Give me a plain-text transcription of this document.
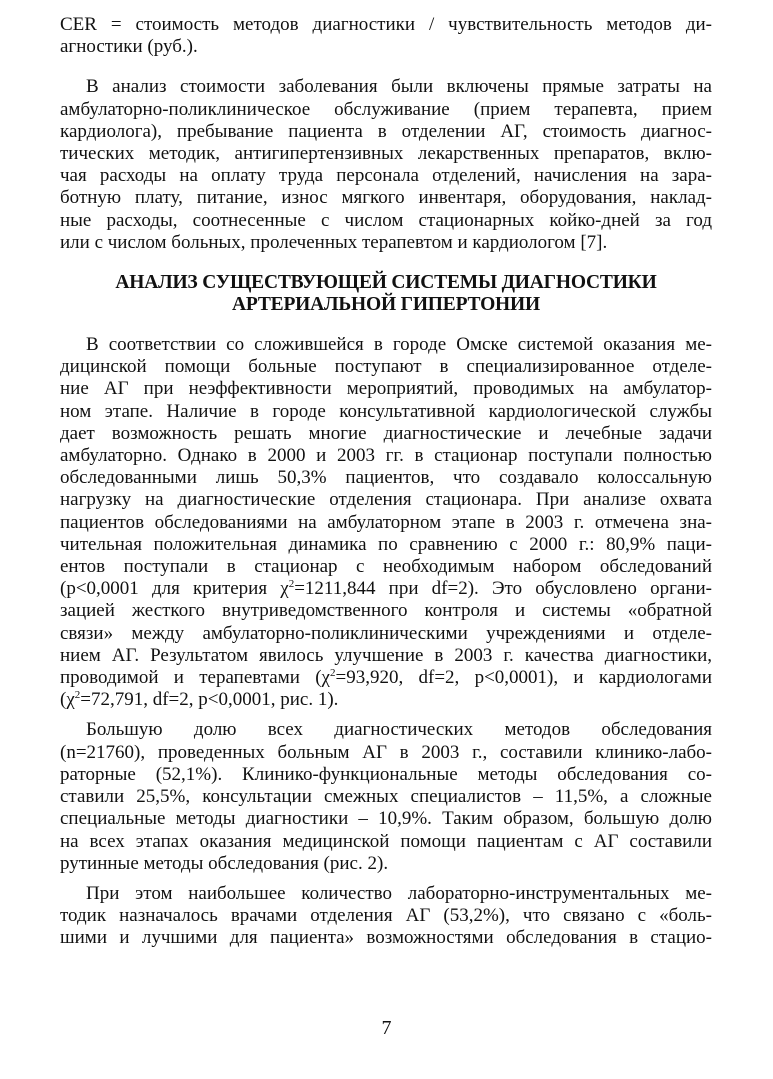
CER = стоимость методов диагностики / чувствительность методов ди-
агностики (руб.).
В анализ стоимости заболевания были включены прямые затраты на
амбулаторно-поликлиническое обслуживание (прием терапевта, прием
кардиолога), пребывание пациента в отделении АГ, стоимость диагнос-
тических методик, антигипертензивных лекарственных препаратов, вклю-
чая расходы на оплату труда персонала отделений, начисления на зара-
ботную плату, питание, износ мягкого инвентаря, оборудования, наклад-
ные расходы, соотнесенные с числом стационарных койко-дней за год
или с числом больных, пролеченных терапевтом и кардиологом [7].
АНАЛИЗ СУЩЕСТВУЮЩЕЙ СИСТЕМЫ ДИАГНОСТИКИ
АРТЕРИАЛЬНОЙ ГИПЕРТОНИИ
В соответствии со сложившейся в городе Омске системой оказания ме-
дицинской помощи больные поступают в специализированное отделе-
ние АГ при неэффективности мероприятий, проводимых на амбулатор-
ном этапе. Наличие в городе консультативной кардиологической службы
дает возможность решать многие диагностические и лечебные задачи
амбулаторно. Однако в 2000 и 2003 гг. в стационар поступали полностью
обследованными лишь 50,3% пациентов, что создавало колоссальную
нагрузку на диагностические отделения стационара. При анализе охвата
пациентов обследованиями на амбулаторном этапе в 2003 г. отмечена зна-
чительная положительная динамика по сравнению с 2000 г.: 80,9% паци-
ентов поступали в стационар с необходимым набором обследований
(p<0,0001 для критерия $\chi^2=1211,844$ при df=2). Это обусловлено органи-
зацией жесткого внутриведомственного контроля и системы «обратной
связи» между амбулаторно-поликлиническими учреждениями и отделе-
нием АГ. Результатом явилось улучшение в 2003 г. качества диагностики,
проводимой и терапевтами ($\chi^2=93,920$, df=2, p<0,0001), и кардиологами
($\chi^2=72,791$, df=2, p<0,0001, рис. 1).
Большую долю всех диагностических методов обследования
(n=21760), проведенных больным АГ в 2003 г., составили клинико-лабо-
раторные (52,1%). Клинико-функциональные методы обследования со-
ставили 25,5%, консультации смежных специалистов – 11,5%, а сложные
специальные методы диагностики – 10,9%. Таким образом, большую долю
на всех этапах оказания медицинской помощи пациентам с АГ составили
рутинные методы обследования (рис. 2).
При этом наибольшее количество лабораторно-инструментальных ме-
тодик назначалось врачами отделения АГ (53,2%), что связано с «боль-
шими и лучшими для пациента» возможностями обследования в стацио-
7
